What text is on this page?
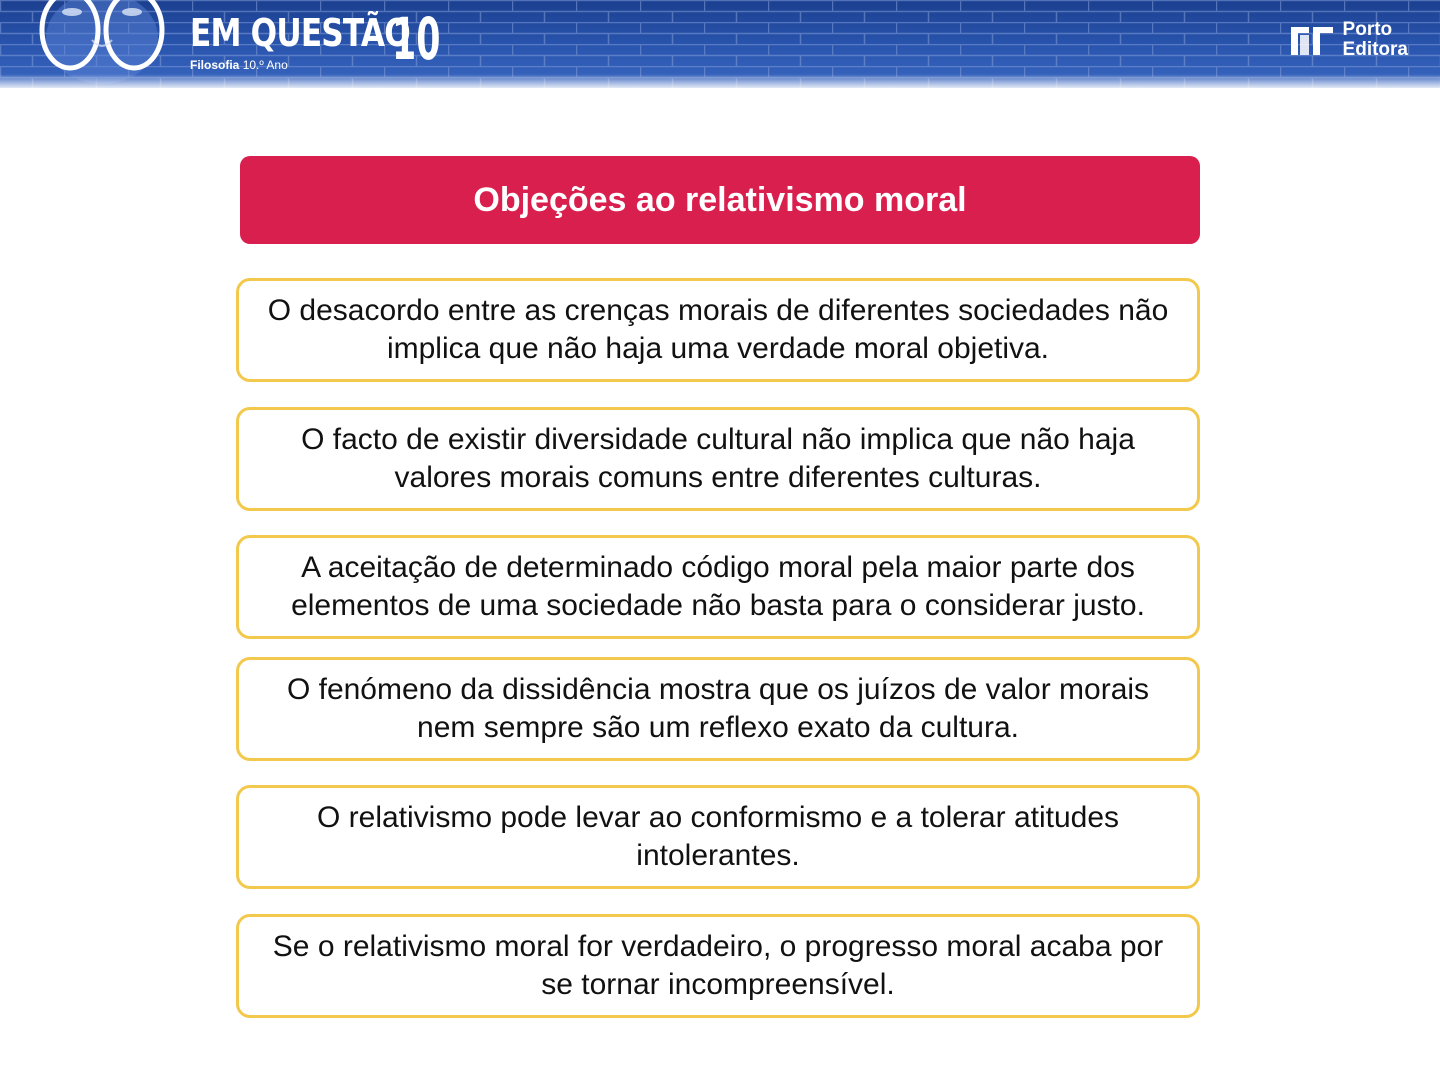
EM QUESTÃO
10
Filosofia 10.º Ano
Porto
Editora
Objeções ao relativismo moral
O desacordo entre as crenças morais de diferentes sociedades não implica que não haja uma verdade moral objetiva.
O facto de existir diversidade cultural não implica que não haja valores morais comuns entre diferentes culturas.
A aceitação de determinado código moral pela maior parte dos elementos de uma sociedade não basta para o considerar justo.
O fenómeno da dissidência mostra que os juízos de valor morais nem sempre são um reflexo exato da cultura.
O relativismo pode levar ao conformismo e a tolerar atitudes intolerantes.
Se o relativismo moral for verdadeiro, o progresso moral acaba por se tornar incompreensível.
